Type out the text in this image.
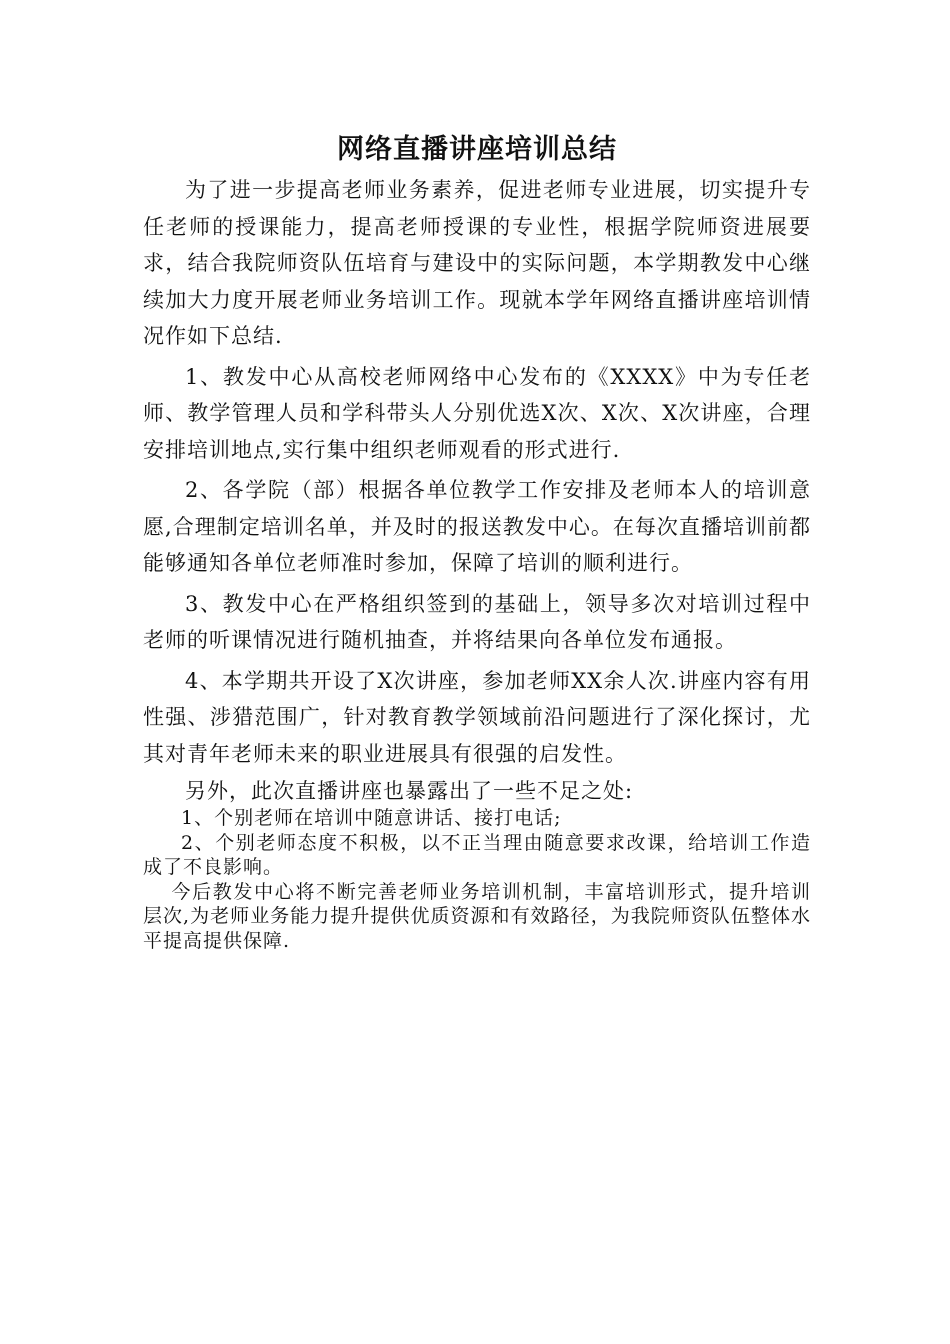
网络直播讲座培训总结

为了进一步提高老师业务素养，促进老师专业进展，切实提升专任老师的授课能力，提高老师授课的专业性，根据学院师资进展要求，结合我院师资队伍培育与建设中的实际问题，本学期教发中心继续加大力度开展老师业务培训工作。现就本学年网络直播讲座培训情况作如下总结.

1、教发中心从高校老师网络中心发布的《XXXX》中为专任老师、教学管理人员和学科带头人分别优选X次、X次、X次讲座，合理安排培训地点,实行集中组织老师观看的形式进行.

2、各学院（部）根据各单位教学工作安排及老师本人的培训意愿,合理制定培训名单，并及时的报送教发中心。在每次直播培训前都能够通知各单位老师准时参加，保障了培训的顺利进行。

3、教发中心在严格组织签到的基础上，领导多次对培训过程中老师的听课情况进行随机抽查，并将结果向各单位发布通报。

4、本学期共开设了X次讲座，参加老师XX余人次.讲座内容有用性强、涉猎范围广，针对教育教学领域前沿问题进行了深化探讨，尤其对青年老师未来的职业进展具有很强的启发性。

另外，此次直播讲座也暴露出了一些不足之处:

1、个别老师在培训中随意讲话、接打电话;

2、个别老师态度不积极，以不正当理由随意要求改课，给培训工作造成了不良影响。

今后教发中心将不断完善老师业务培训机制，丰富培训形式，提升培训层次,为老师业务能力提升提供优质资源和有效路径，为我院师资队伍整体水平提高提供保障.
